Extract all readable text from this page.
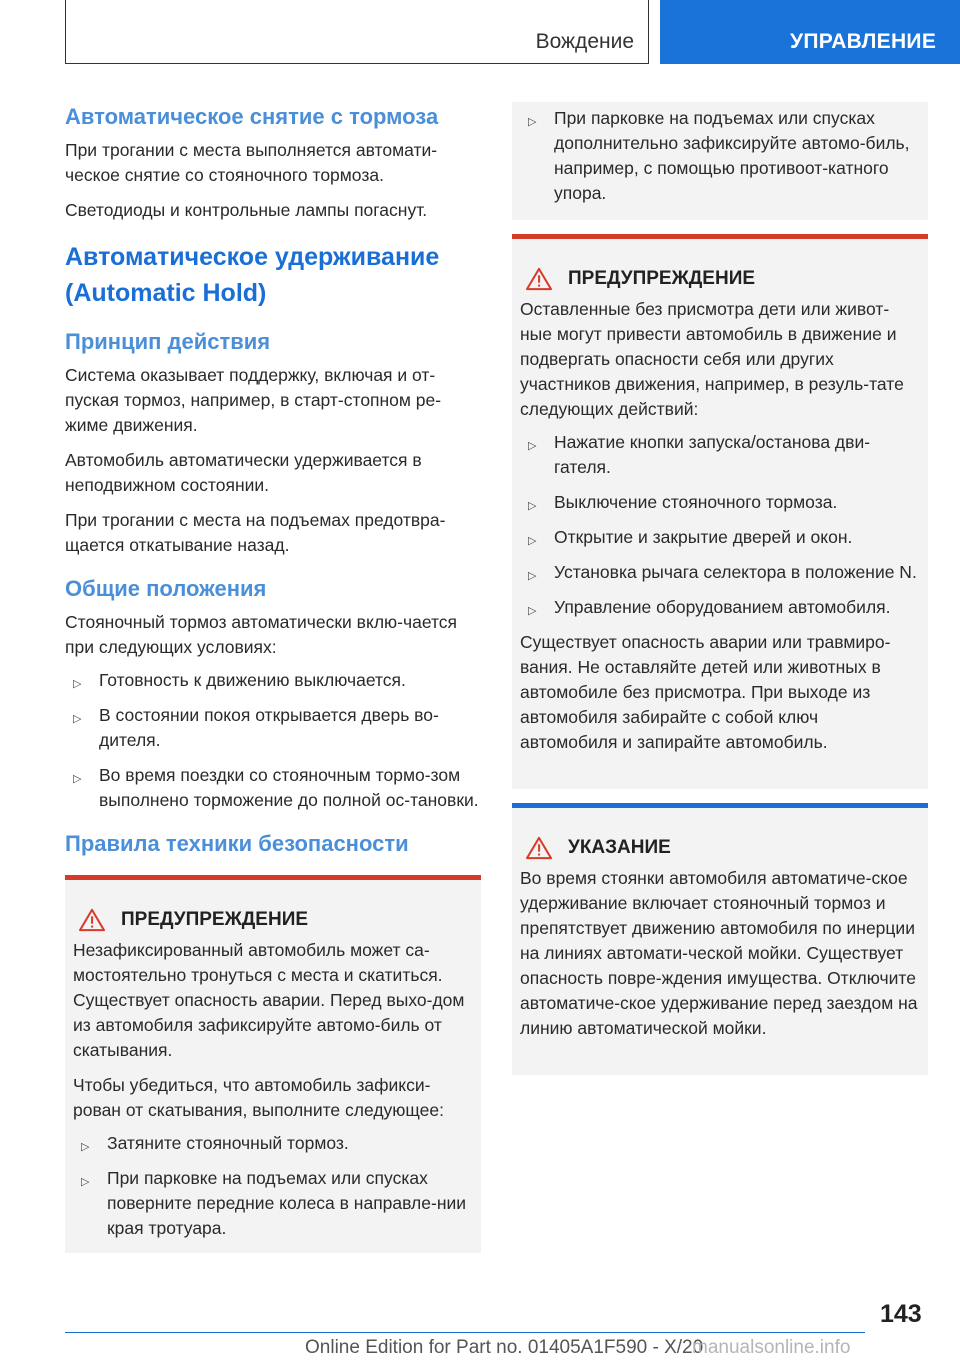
Вождение	УПРАВЛЕНИЕ
Автоматическое снятие с тормоза

При трогании с места выполняется автомати-ческое снятие со стояночного тормоза.

Светодиоды и контрольные лампы погаснут.

Автоматическое удерживание (Automatic Hold)
Принцип действия

Система оказывает поддержку, включая и от-пуская тормоз, например, в старт-стопном ре-жиме движения.

Автомобиль автоматически удерживается в неподвижном состоянии.

При трогании с места на подъемах предотвра-щается откатывание назад.

Общие положения

Стояночный тормоз автоматически вклю-чается при следующих условиях:

▷ Готовность к движению выключается.
▷ В состоянии покоя открывается дверь во-дителя.
▷ Во время поездки со стояночным тормо-зом выполнено торможение до полной ос-тановки.
Правила техники безопасности
ПРЕДУПРЕЖДЕНИЕ

Незафиксированный автомобиль может са-мостоятельно тронуться с места и скатиться. Существует опасность аварии. Перед выхо-дом из автомобиля зафиксируйте автомо-биль от скатывания.

Чтобы убедиться, что автомобиль зафикси-рован от скатывания, выполните следующее:

▷ Затяните стояночный тормоз.
▷ При парковке на подъемах или спусках поверните передние колеса в направле-нии края тротуара.
▷ При парковке на подъемах или спусках дополнительно зафиксируйте автомо-биль, например, с помощью противоот-катного упора.
ПРЕДУПРЕЖДЕНИЕ

Оставленные без присмотра дети или живот-ные могут привести автомобиль в движение и подвергать опасности себя или других участников движения, например, в резуль-тате следующих действий:

▷ Нажатие кнопки запуска/останова дви-гателя.
▷ Выключение стояночного тормоза.
▷ Открытие и закрытие дверей и окон.
▷ Установка рычага селектора в положение N.
▷ Управление оборудованием автомобиля.

Существует опасность аварии или травмиро-вания. Не оставляйте детей или животных в автомобиле без присмотра. При выходе из автомобиля забирайте с собой ключ автомобиля и запирайте автомобиль.

УКАЗАНИЕ

Во время стоянки автомобиля автоматиче-ское удерживание включает стояночный тормоз и препятствует движению автомобиля по инерции на линиях автомати-ческой мойки. Существует опасность повре-ждения имущества. Отключите автоматиче-ское удерживание перед заездом на линию автоматической мойки.

143
Online Edition for Part no. 01405A1F590 - X/20
manualsonline.info
